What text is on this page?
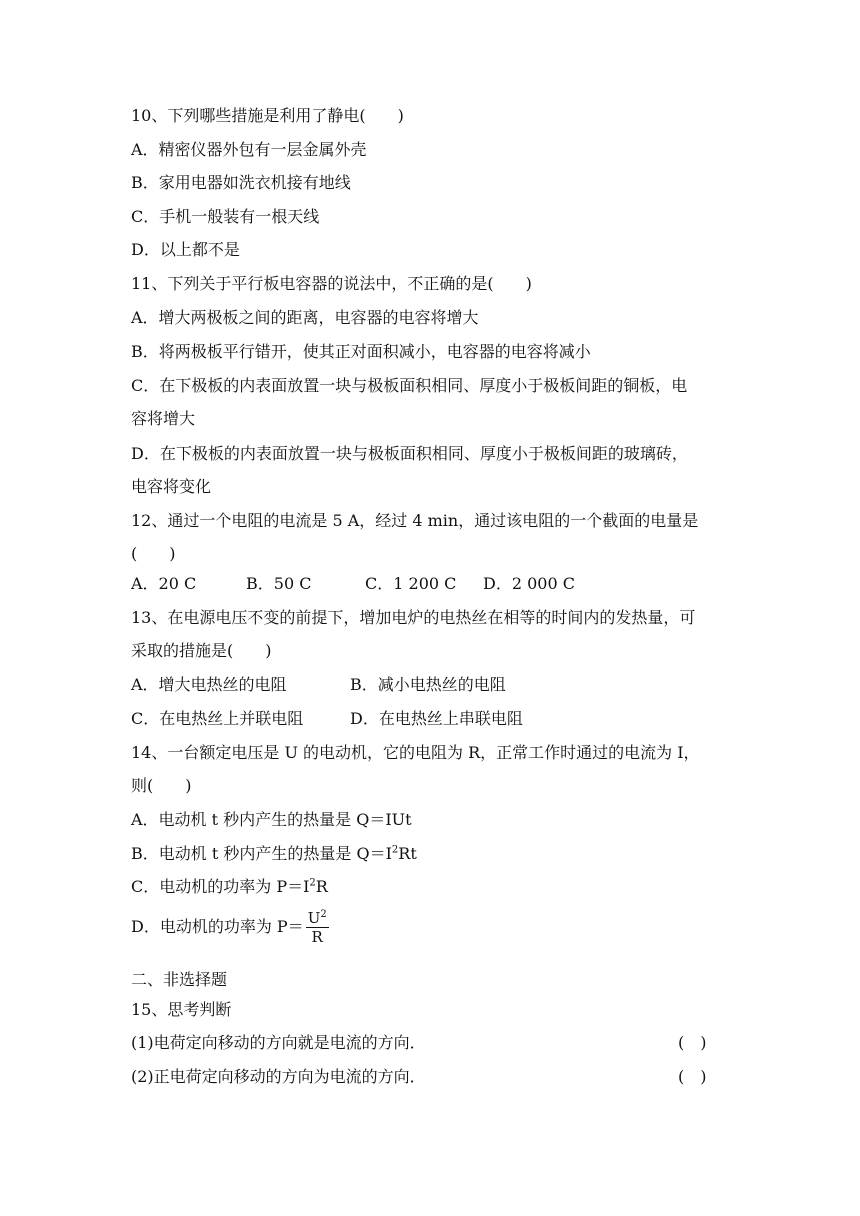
10、下列哪些措施是利用了静电(　　)
A．精密仪器外包有一层金属外壳
B．家用电器如洗衣机接有地线
C．手机一般装有一根天线
D．以上都不是
11、下列关于平行板电容器的说法中，不正确的是(　　)
A．增大两极板之间的距离，电容器的电容将增大
B．将两极板平行错开，使其正对面积减小，电容器的电容将减小
C．在下极板的内表面放置一块与极板面积相同、厚度小于极板间距的铜板，电
容将增大
D．在下极板的内表面放置一块与极板面积相同、厚度小于极板间距的玻璃砖，
电容将变化
12、通过一个电阻的电流是 5 A，经过 4 min，通过该电阻的一个截面的电量是
(　　)
A．20 C	B．50 C	C．1 200 C D．2 000 C
13、在电源电压不变的前提下，增加电炉的电热丝在相等的时间内的发热量，可
采取的措施是(　　)
A．增大电热丝的电阻	B．减小电热丝的电阻
C．在电热丝上并联电阻	D．在电热丝上串联电阻
14、一台额定电压是 U 的电动机，它的电阻为 R，正常工作时通过的电流为 I，
则(　　)
A．电动机 t 秒内产生的热量是 Q＝IUt
B．电动机 t 秒内产生的热量是 $Q=I^2Rt$
C．电动机的功率为 $P=I^2R$
D．电动机的功率为 $P= \frac{U^2}{R}$
二、非选择题
15、思考判断
(1)电荷定向移动的方向就是电流的方向．	(　)
(2)正电荷定向移动的方向为电流的方向．	(　)
